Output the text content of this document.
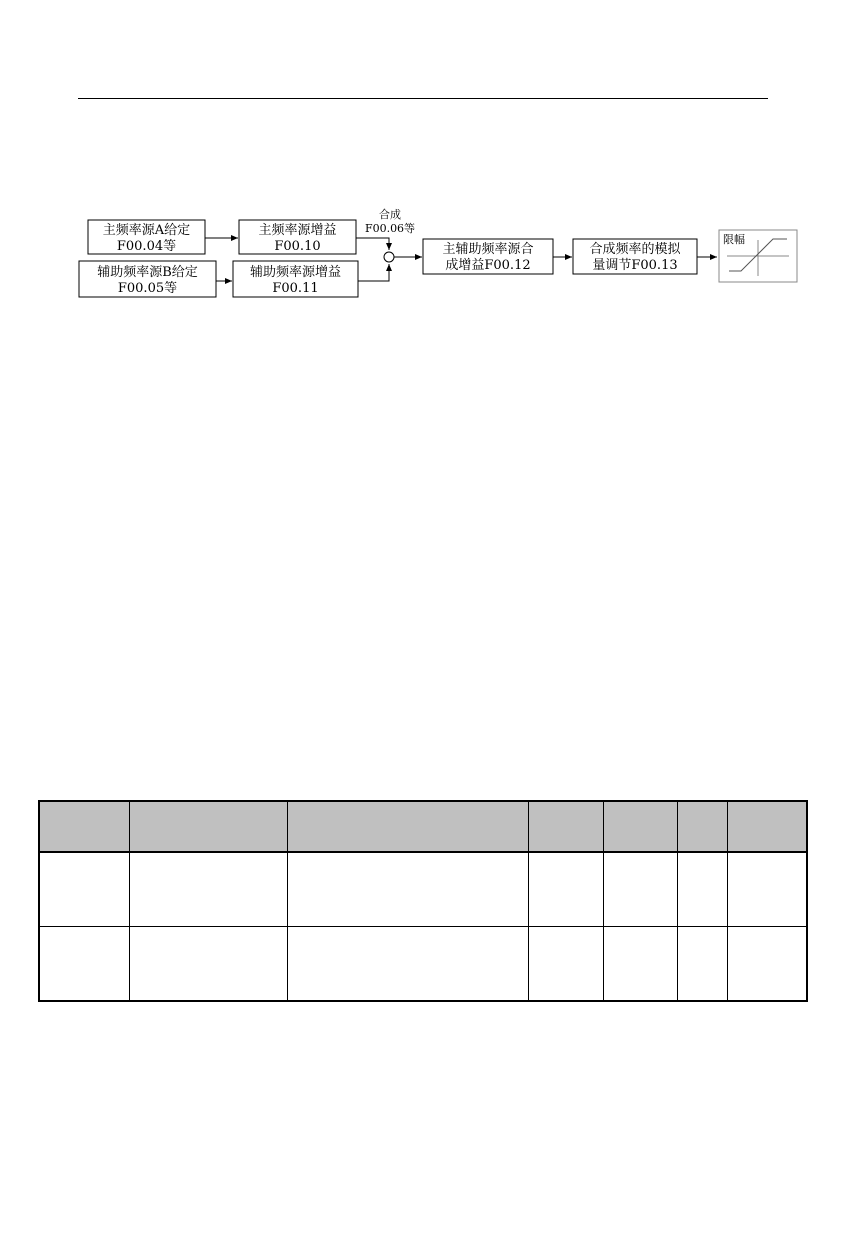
主频率源A给定
F00.04等
辅助频率源B给定
F00.05等
主频率源增益
F00.10
辅助频率源增益
F00.11
合成
F00.06等
主辅助频率源合
成增益F00.12
合成频率的模拟
量调节F00.13
限幅
